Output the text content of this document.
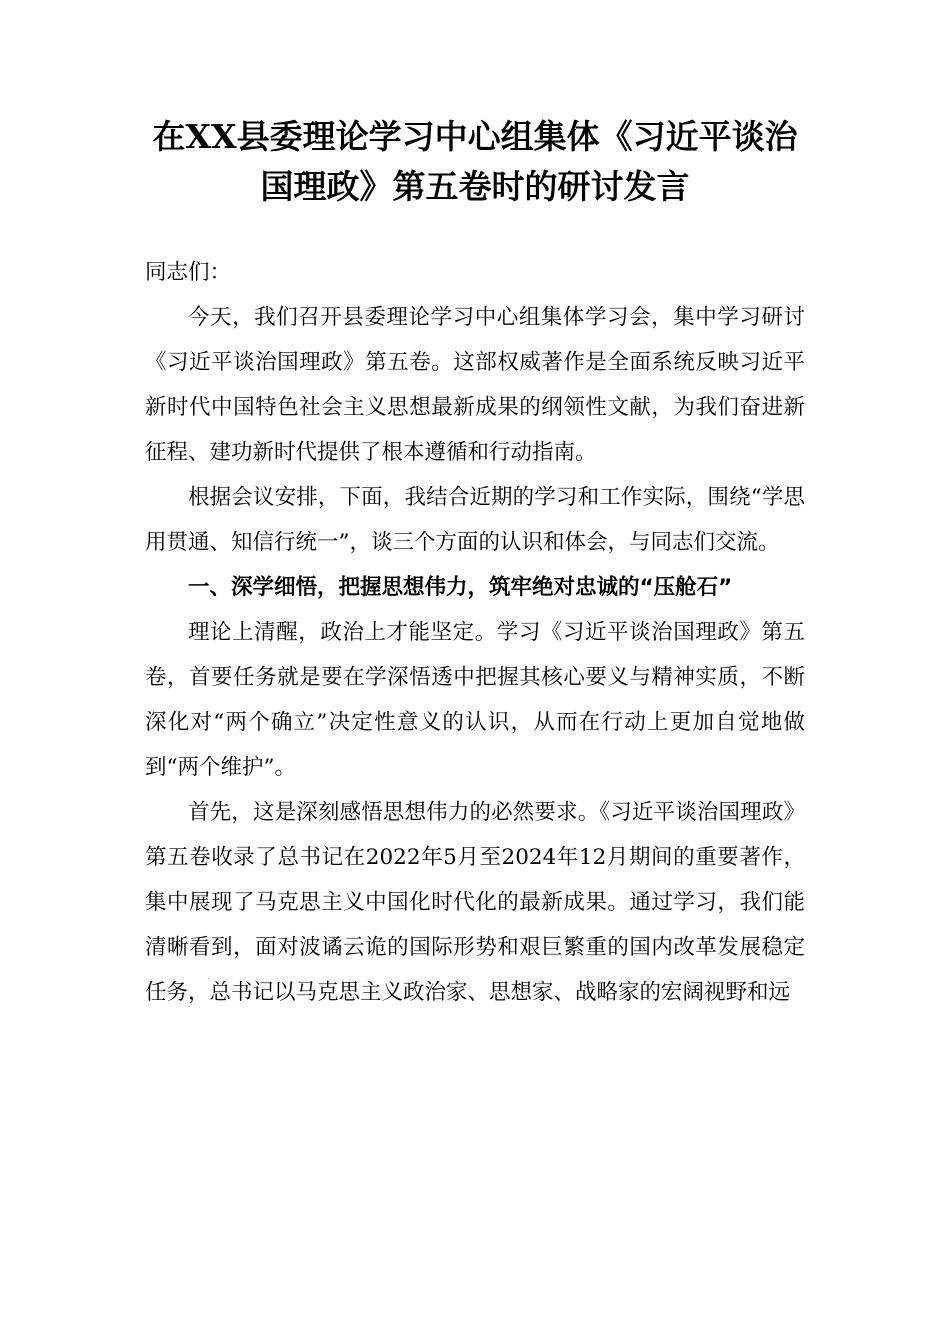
在XX县委理论学习中心组集体《习近平谈治国理政》第五卷时的研讨发言

同志们：

今天，我们召开县委理论学习中心组集体学习会，集中学习研讨《习近平谈治国理政》第五卷。这部权威著作是全面系统反映习近平新时代中国特色社会主义思想最新成果的纲领性文献，为我们奋进新征程、建功新时代提供了根本遵循和行动指南。

根据会议安排，下面，我结合近期的学习和工作实际，围绕“学思用贯通、知信行统一”，谈三个方面的认识和体会，与同志们交流。

一、深学细悟，把握思想伟力，筑牢绝对忠诚的“压舱石”

理论上清醒，政治上才能坚定。学习《习近平谈治国理政》第五卷，首要任务就是要在学深悟透中把握其核心要义与精神实质，不断深化对“两个确立”决定性意义的认识，从而在行动上更加自觉地做到“两个维护”。

首先，这是深刻感悟思想伟力的必然要求。《习近平谈治国理政》第五卷收录了总书记在2022年5月至2024年12月期间的重要著作，集中展现了马克思主义中国化时代化的最新成果。通过学习，我们能清晰看到，面对波谲云诡的国际形势和艰巨繁重的国内改革发展稳定任务，总书记以马克思主义政治家、思想家、战略家的宏阔视野和远
